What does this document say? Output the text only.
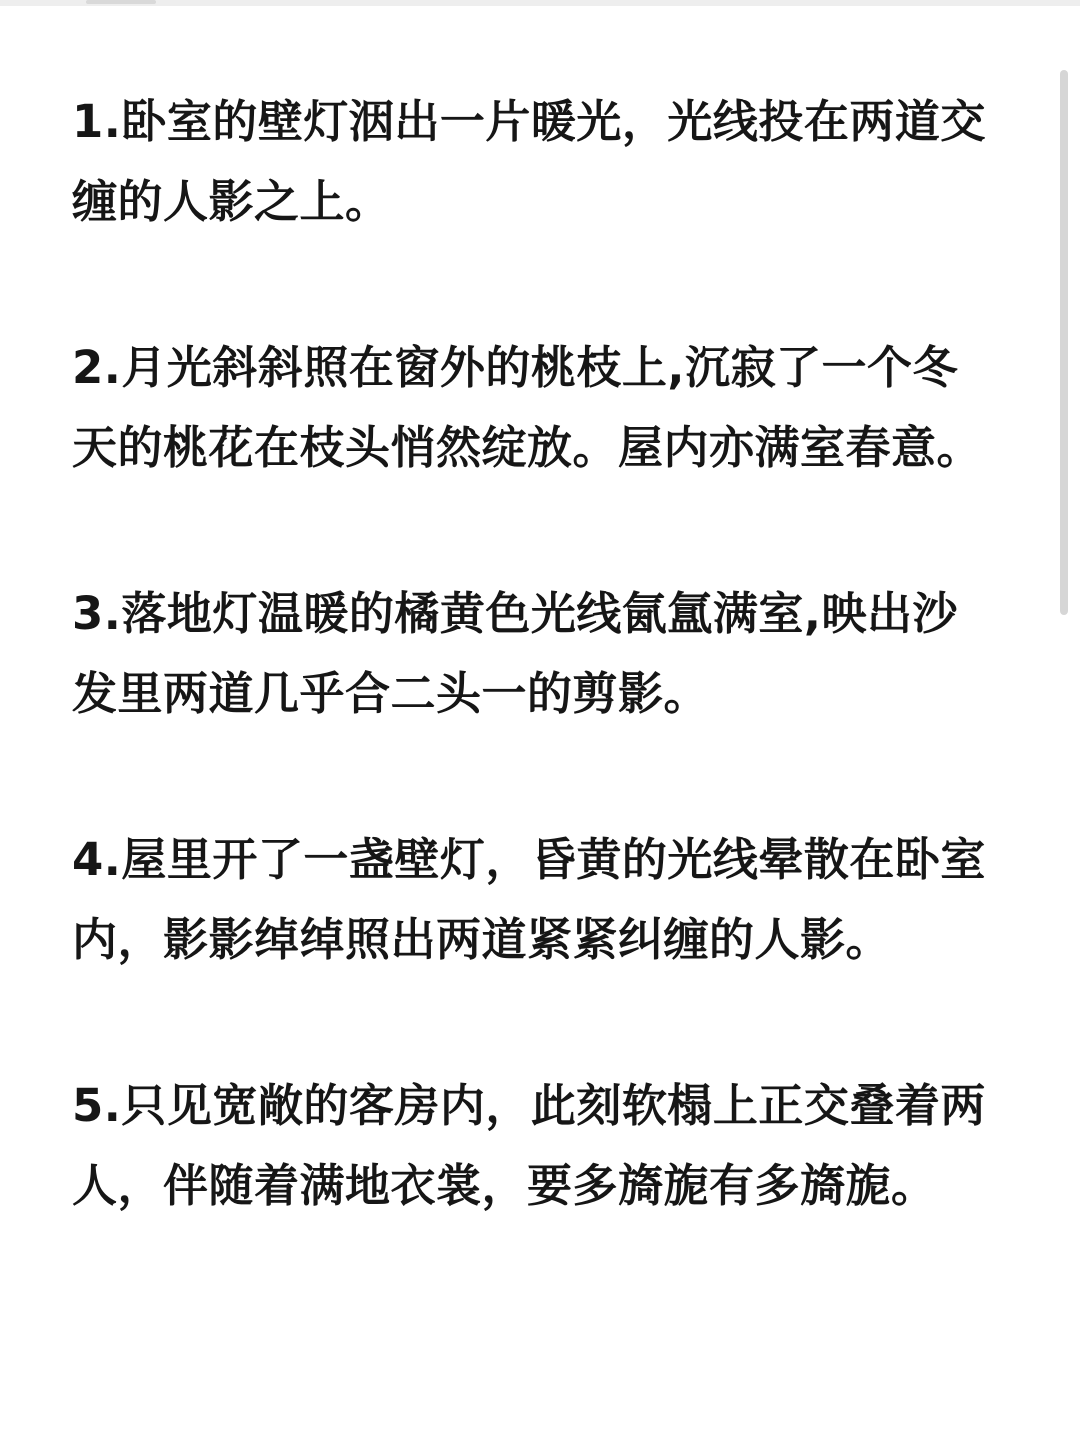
1.卧室的壁灯洇出一片暖光，光线投在两道交缠的人影之上。

2.月光斜斜照在窗外的桃枝上,沉寂了一个冬天的桃花在枝头悄然绽放。屋内亦满室春意。

3.落地灯温暖的橘黄色光线氤氲满室,映出沙发里两道几乎合二头一的剪影。

4.屋里开了一盏壁灯，昏黄的光线晕散在卧室内，影影绰绰照出两道紧紧纠缠的人影。

5.只见宽敞的客房内，此刻软榻上正交叠着两人，伴随着满地衣裳，要多旖旎有多旖旎。
